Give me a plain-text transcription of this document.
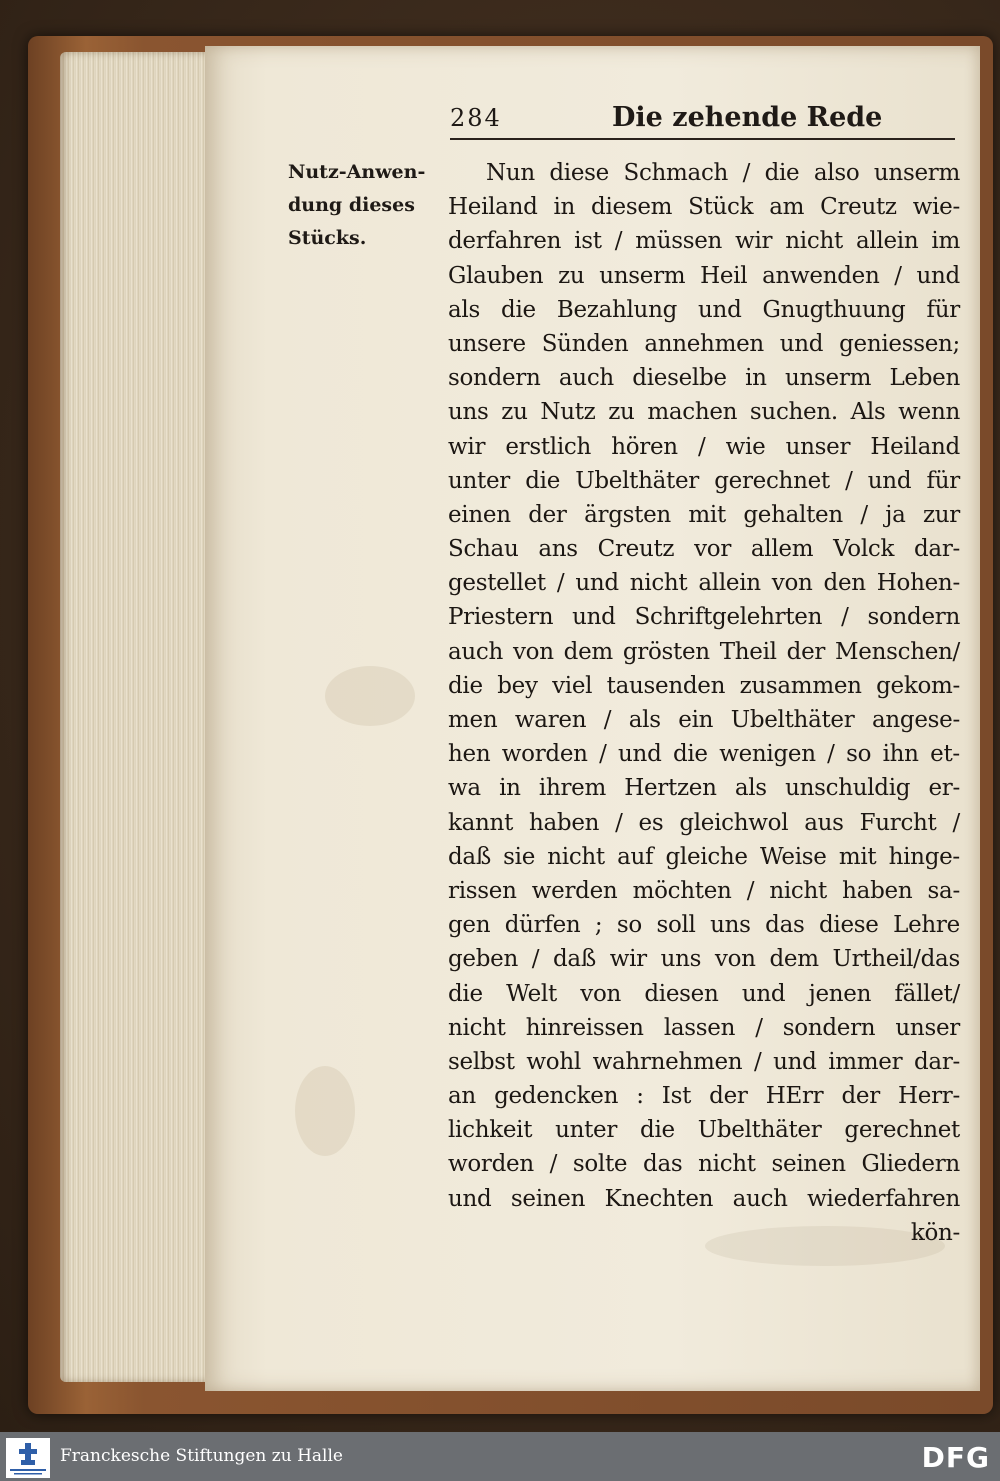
284	Die zehende Rede
Nutz-Anwen-
dung dieses
Stücks.
Nun diese Schmach / die also unserm
Heiland in diesem Stück am Creutz wie-
derfahren ist / müssen wir nicht allein im
Glauben zu unserm Heil anwenden / und
als die Bezahlung und Gnugthuung für
unsere Sünden annehmen und geniessen;
sondern auch dieselbe in unserm Leben
uns zu Nutz zu machen suchen. Als wenn
wir erstlich hören / wie unser Heiland
unter die Ubelthäter gerechnet / und für
einen der ärgsten mit gehalten / ja zur
Schau ans Creutz vor allem Volck dar-
gestellet / und nicht allein von den Hohen-
Priestern und Schriftgelehrten / sondern
auch von dem grösten Theil der Menschen/
die bey viel tausenden zusammen gekom-
men waren / als ein Ubelthäter angese-
hen worden / und die wenigen / so ihn et-
wa in ihrem Hertzen als unschuldig er-
kannt haben / es gleichwol aus Furcht /
daß sie nicht auf gleiche Weise mit hinge-
rissen werden möchten / nicht haben sa-
gen dürfen ; so soll uns das diese Lehre
geben / daß wir uns von dem Urtheil/das
die Welt von diesen und jenen fället/
nicht hinreissen lassen / sondern unser
selbst wohl wahrnehmen / und immer dar-
an gedencken : Ist der HErr der Herr-
lichkeit unter die Ubelthäter gerechnet
worden / solte das nicht seinen Gliedern
und seinen Knechten auch wiederfahren
kön-
Franckesche Stiftungen zu Halle	DFG
